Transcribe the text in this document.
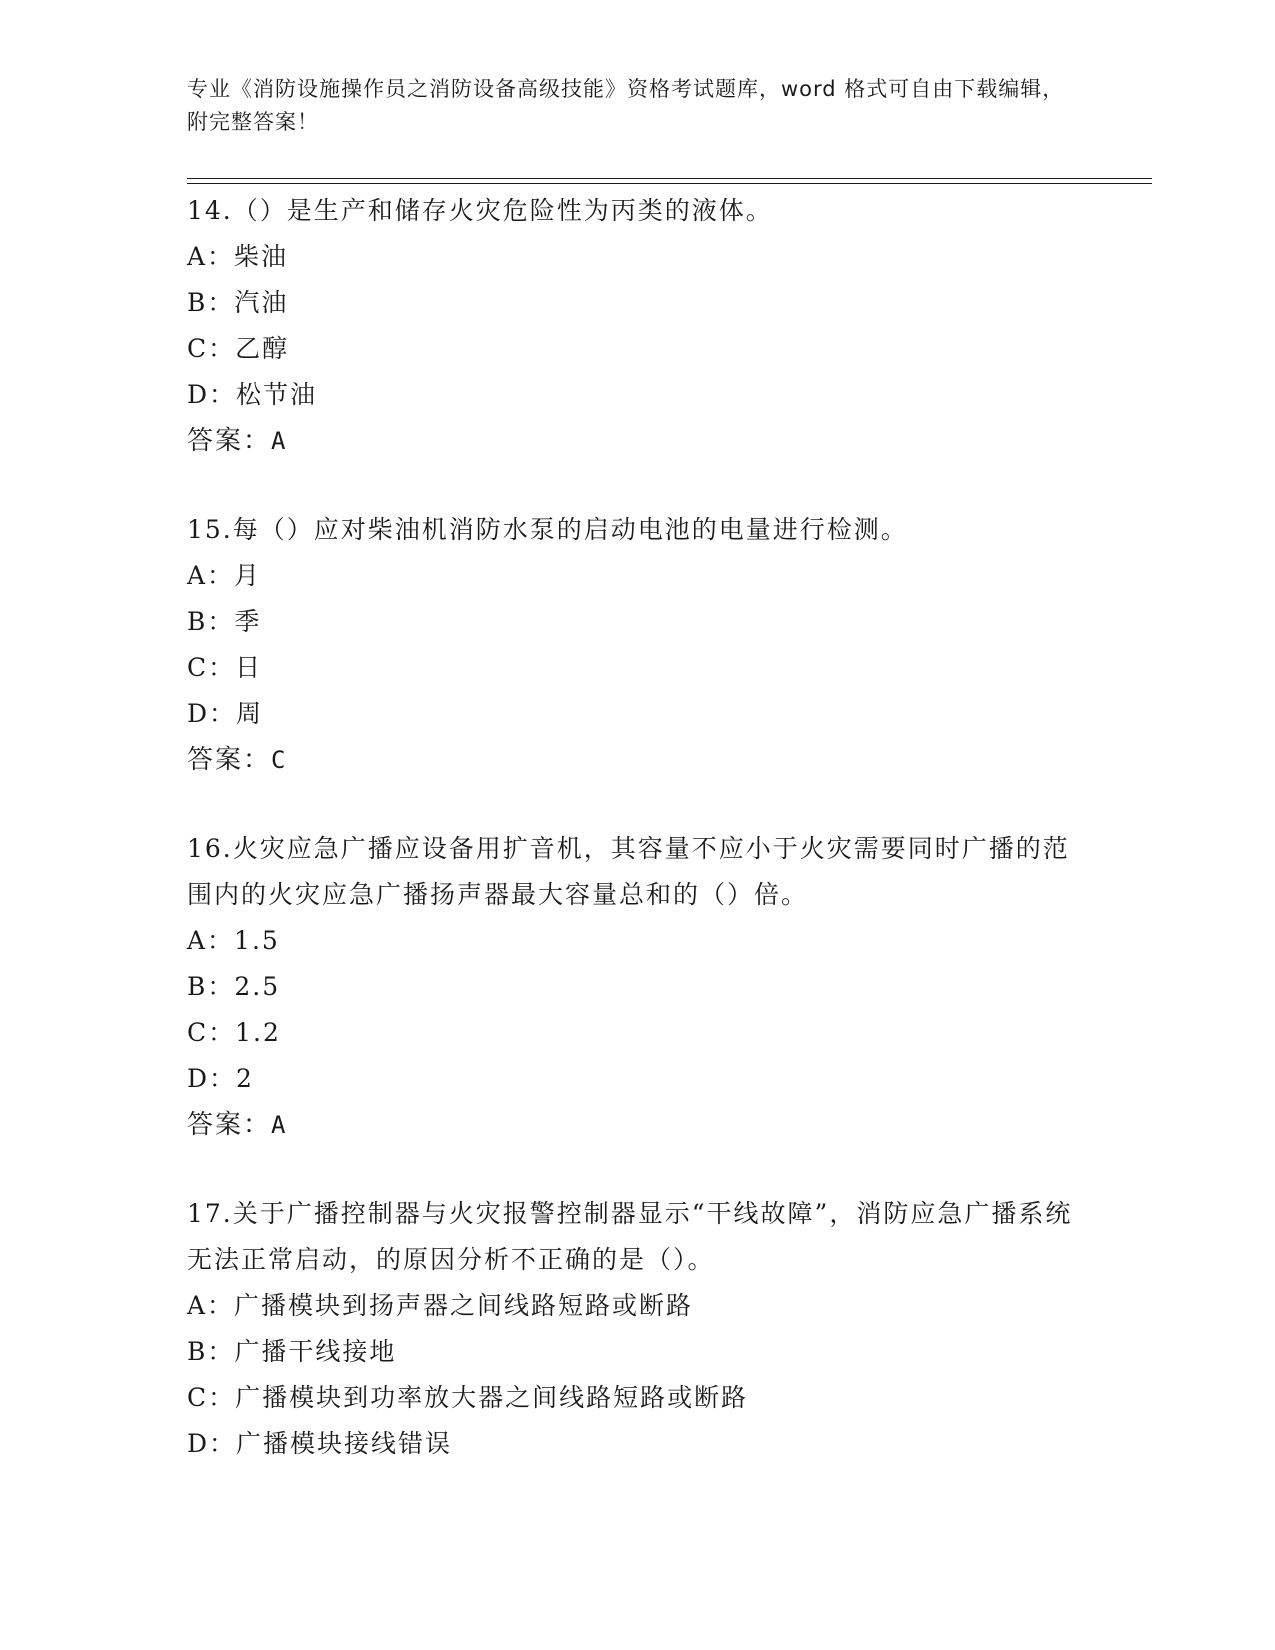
专业《消防设施操作员之消防设备高级技能》资格考试题库，word 格式可自由下载编辑，附完整答案！

14.（）是生产和储存火灾危险性为丙类的液体。

A：柴油

B：汽油

C：乙醇

D：松节油

答案：A

15.每（）应对柴油机消防水泵的启动电池的电量进行检测。

A：月

B：季

C：日

D：周

答案：C

16.火灾应急广播应设备用扩音机，其容量不应小于火灾需要同时广播的范围内的火灾应急广播扬声器最大容量总和的（）倍。

A：1.5

B：2.5

C：1.2

D：2

答案：A

17.关于广播控制器与火灾报警控制器显示“干线故障”，消防应急广播系统无法正常启动，的原因分析不正确的是（）。

A：广播模块到扬声器之间线路短路或断路

B：广播干线接地

C：广播模块到功率放大器之间线路短路或断路

D：广播模块接线错误
